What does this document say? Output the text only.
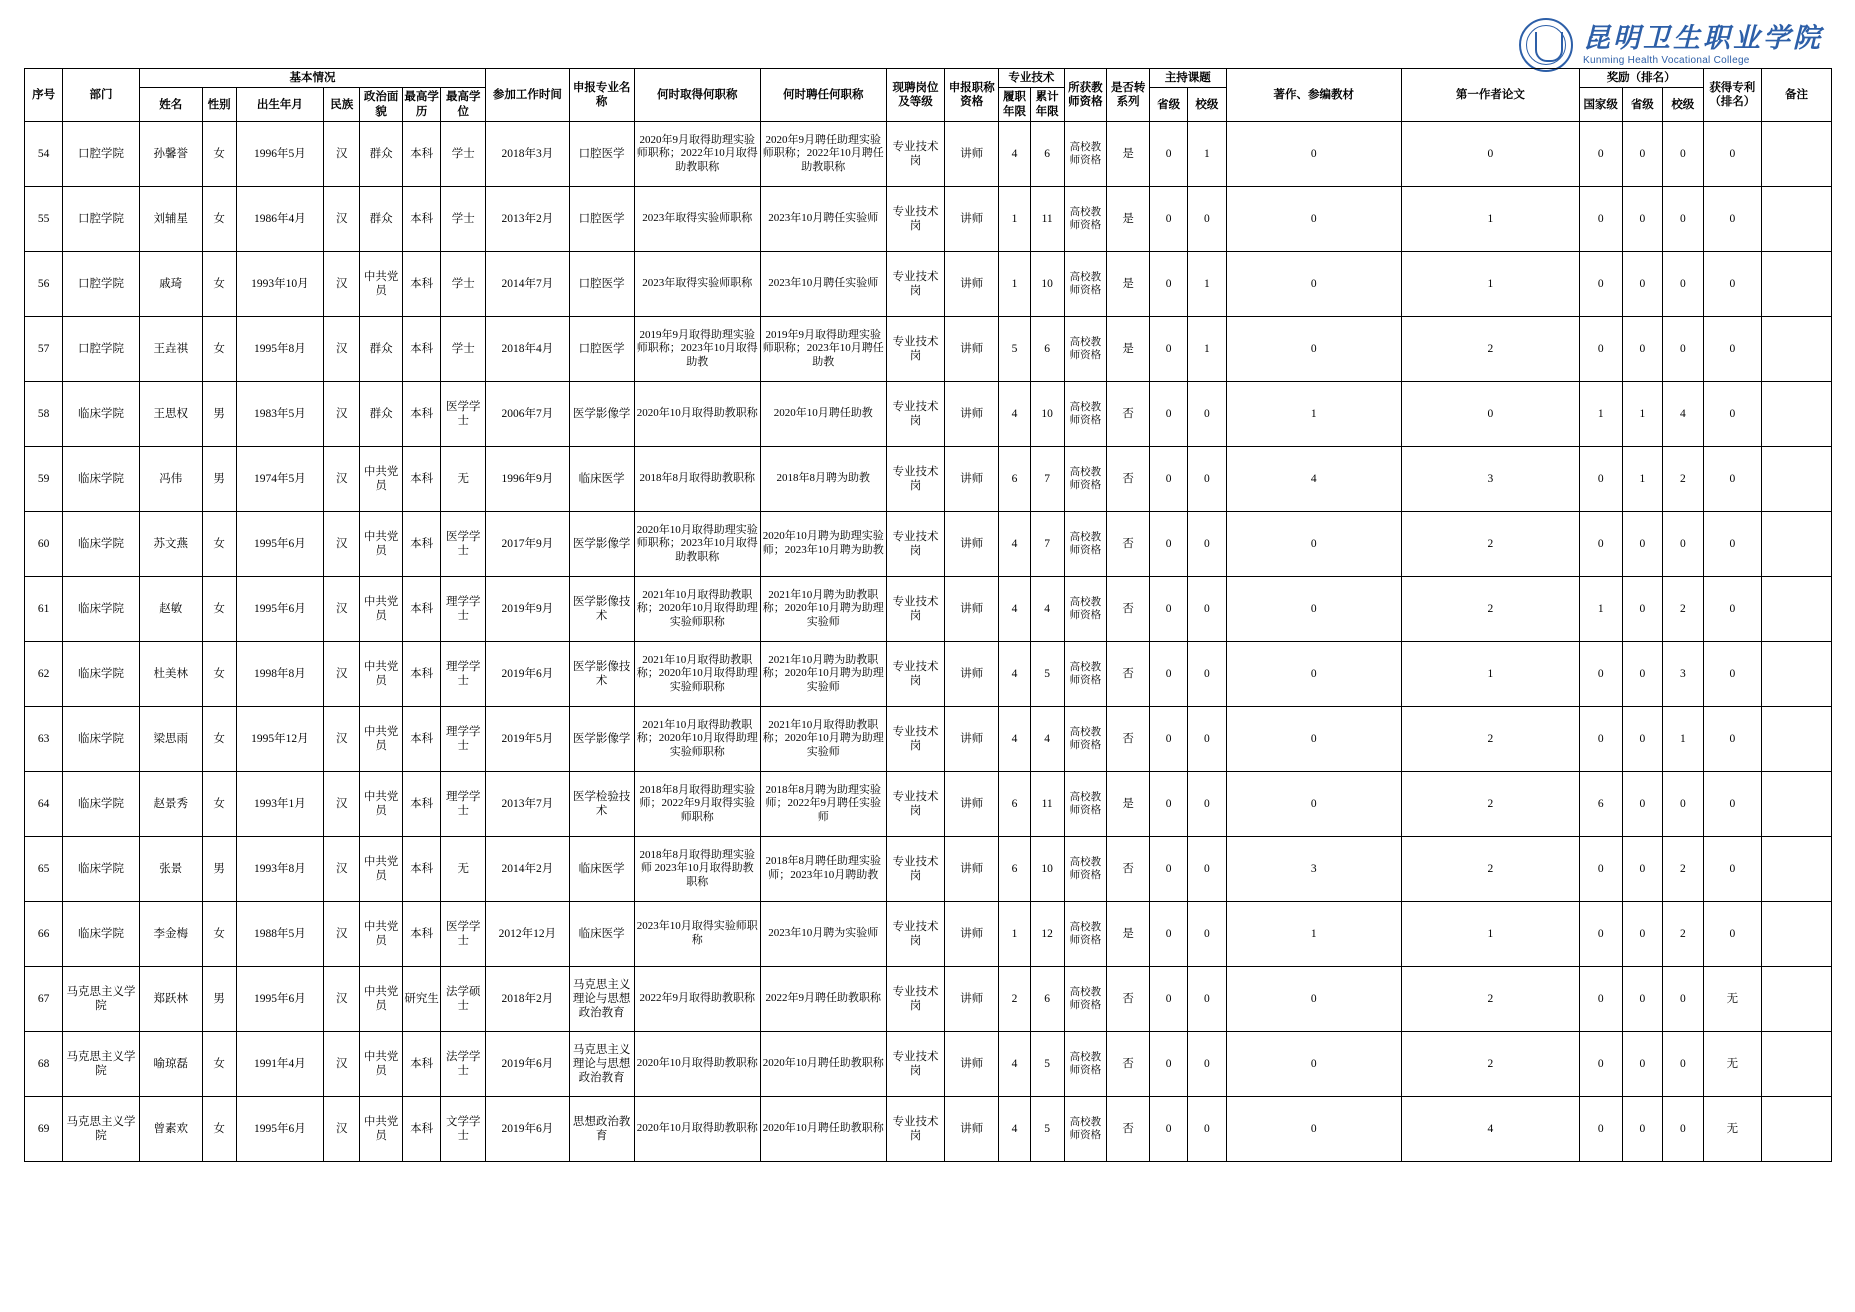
昆明卫生职业学院
Kunming Health Vocational College
序号	部门	基本情况							参加工作时间	申报专业名称	何时取得何职称	何时聘任何职称	现聘岗位及等级	申报职称资格	专业技术		所获教师资格	是否转系列	主持课题		著作、参编教材	第一作者论文	奖励（排名）			获得专利（排名）	备注
		姓名	性别	出生年月	民族	政治面貌	最高学历	最高学位							履职年限	累计年限			省级	校级			国家级	省级	校级		

54	口腔学院	孙馨誉	女	1996年5月	汉	群众	本科	学士	2018年3月	口腔医学	2020年9月取得助理实验师职称；2022年10月取得助教职称	2020年9月聘任助理实验师职称；2022年10月聘任助教职称	专业技术岗	讲师	4	6	高校教师资格	是	0	1	0	0	0	0	0	0	
55	口腔学院	刘辅星	女	1986年4月	汉	群众	本科	学士	2013年2月	口腔医学	2023年取得实验师职称	2023年10月聘任实验师	专业技术岗	讲师	1	11	高校教师资格	是	0	0	0	1	0	0	0	0	
56	口腔学院	戚琦	女	1993年10月	汉	中共党员	本科	学士	2014年7月	口腔医学	2023年取得实验师职称	2023年10月聘任实验师	专业技术岗	讲师	1	10	高校教师资格	是	0	1	0	1	0	0	0	0	
57	口腔学院	王垚祺	女	1995年8月	汉	群众	本科	学士	2018年4月	口腔医学	2019年9月取得助理实验师职称；2023年10月取得助教	2019年9月取得助理实验师职称；2023年10月聘任助教	专业技术岗	讲师	5	6	高校教师资格	是	0	1	0	2	0	0	0	0	
58	临床学院	王思权	男	1983年5月	汉	群众	本科	医学学士	2006年7月	医学影像学	2020年10月取得助教职称	2020年10月聘任助教	专业技术岗	讲师	4	10	高校教师资格	否	0	0	1	0	1	1	4	0	
59	临床学院	冯伟	男	1974年5月	汉	中共党员	本科	无	1996年9月	临床医学	2018年8月取得助教职称	2018年8月聘为助教	专业技术岗	讲师	6	7	高校教师资格	否	0	0	4	3	0	1	2	0	
60	临床学院	苏文燕	女	1995年6月	汉	中共党员	本科	医学学士	2017年9月	医学影像学	2020年10月取得助理实验师职称；2023年10月取得助教职称	2020年10月聘为助理实验师；2023年10月聘为助教	专业技术岗	讲师	4	7	高校教师资格	否	0	0	0	2	0	0	0	0	
61	临床学院	赵敏	女	1995年6月	汉	中共党员	本科	理学学士	2019年9月	医学影像技术	2021年10月取得助教职称；2020年10月取得助理实验师职称	2021年10月聘为助教职称；2020年10月聘为助理实验师	专业技术岗	讲师	4	4	高校教师资格	否	0	0	0	2	1	0	2	0	
62	临床学院	杜美林	女	1998年8月	汉	中共党员	本科	理学学士	2019年6月	医学影像技术	2021年10月取得助教职称；2020年10月取得助理实验师职称	2021年10月聘为助教职称；2020年10月聘为助理实验师	专业技术岗	讲师	4	5	高校教师资格	否	0	0	0	1	0	0	3	0	
63	临床学院	梁思雨	女	1995年12月	汉	中共党员	本科	理学学士	2019年5月	医学影像学	2021年10月取得助教职称；2020年10月取得助理实验师职称	2021年10月取得助教职称；2020年10月聘为助理实验师	专业技术岗	讲师	4	4	高校教师资格	否	0	0	0	2	0	0	1	0	
64	临床学院	赵景秀	女	1993年1月	汉	中共党员	本科	理学学士	2013年7月	医学检验技术	2018年8月取得助理实验师；2022年9月取得实验师职称	2018年8月聘为助理实验师；2022年9月聘任实验师	专业技术岗	讲师	6	11	高校教师资格	是	0	0	0	2	6	0	0	0	
65	临床学院	张景	男	1993年8月	汉	中共党员	本科	无	2014年2月	临床医学	2018年8月取得助理实验师 2023年10月取得助教职称	2018年8月聘任助理实验师；2023年10月聘助教	专业技术岗	讲师	6	10	高校教师资格	否	0	0	3	2	0	0	2	0	
66	临床学院	李金梅	女	1988年5月	汉	中共党员	本科	医学学士	2012年12月	临床医学	2023年10月取得实验师职称	2023年10月聘为实验师	专业技术岗	讲师	1	12	高校教师资格	是	0	0	1	1	0	0	2	0	
67	马克思主义学院	郑跃林	男	1995年6月	汉	中共党员	研究生	法学硕士	2018年2月	马克思主义理论与思想政治教育	2022年9月取得助教职称	2022年9月聘任助教职称	专业技术岗	讲师	2	6	高校教师资格	否	0	0	0	2	0	0	0	无	
68	马克思主义学院	喻琼磊	女	1991年4月	汉	中共党员	本科	法学学士	2019年6月	马克思主义理论与思想政治教育	2020年10月取得助教职称	2020年10月聘任助教职称	专业技术岗	讲师	4	5	高校教师资格	否	0	0	0	2	0	0	0	无	
69	马克思主义学院	曾素欢	女	1995年6月	汉	中共党员	本科	文学学士	2019年6月	思想政治教育	2020年10月取得助教职称	2020年10月聘任助教职称	专业技术岗	讲师	4	5	高校教师资格	否	0	0	0	4	0	0	0	无	
